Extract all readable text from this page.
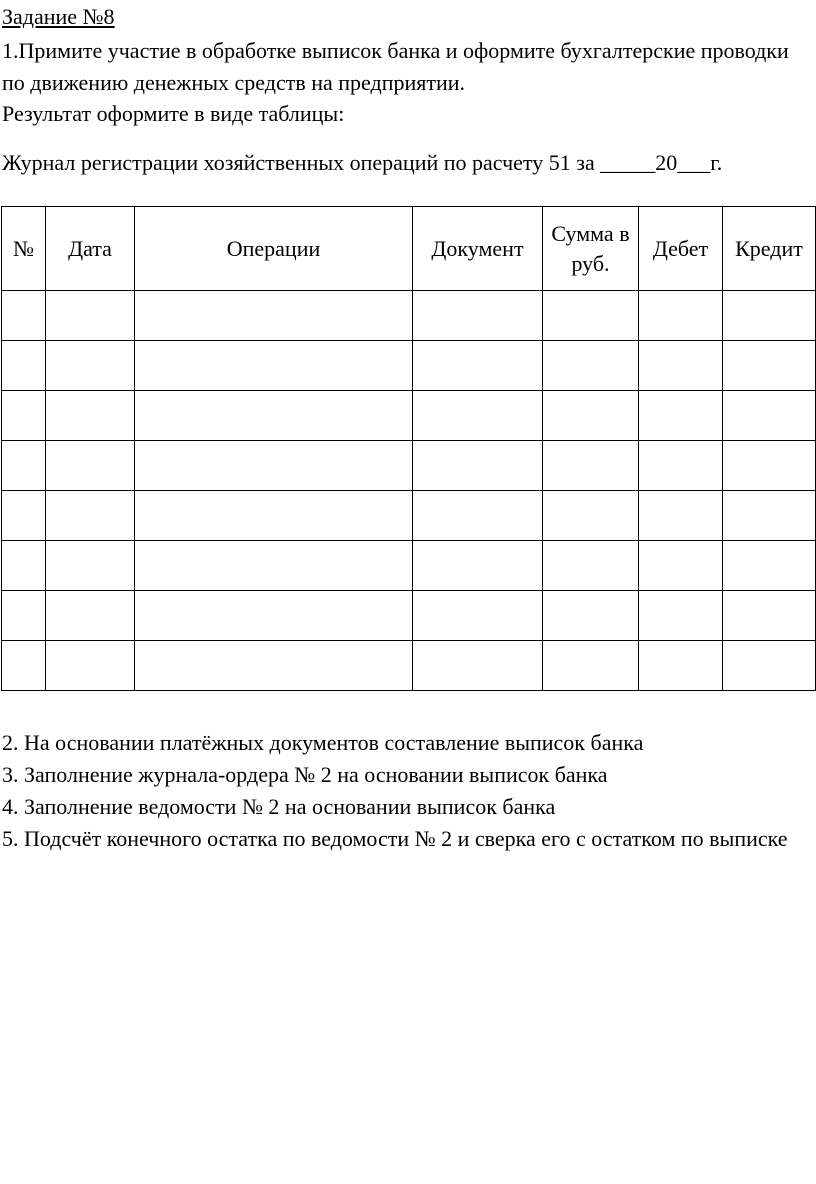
Задание №8

1.Примите участие в обработке выписок банка и оформите бухгалтерские проводки по движению денежных средств на предприятии.

Результат оформите в виде таблицы:

Журнал регистрации хозяйственных операций по расчету 51 за _____20___г.

№	Дата	Операции	Документ	Сумма в руб.	Дебет	Кредит

2. На основании платёжных документов составление выписок банка
3. Заполнение журнала-ордера № 2 на основании выписок банка
4. Заполнение ведомости № 2 на основании выписок банка
5. Подсчёт конечного остатка по ведомости № 2 и сверка его с остатком по выписке
